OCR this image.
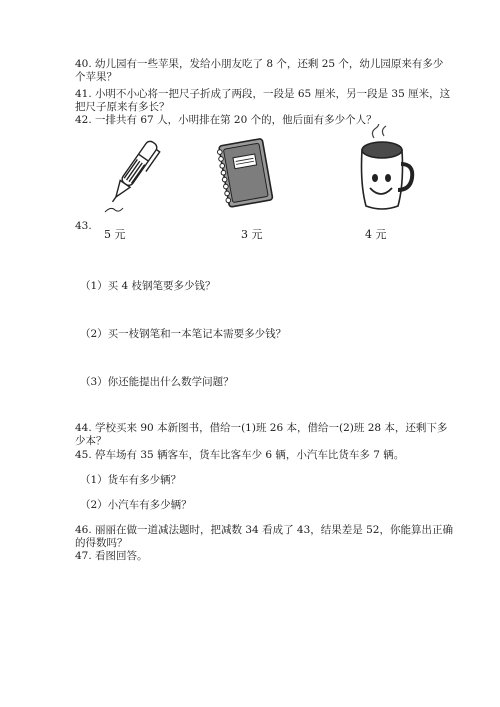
40. 幼儿园有一些苹果，发给小朋友吃了 8 个，还剩 25 个，幼儿园原来有多少
个苹果？
41. 小明不小心将一把尺子折成了两段，一段是 65 厘米，另一段是 35 厘米，这
把尺子原来有多长？
42. 一排共有 67 人，小明排在第 20 个的，他后面有多少个人？
43.
5 元	3 元	4 元
（1）买 4 枝钢笔要多少钱？
（2）买一枝钢笔和一本笔记本需要多少钱？
（3）你还能提出什么数学问题？
44. 学校买来 90 本新图书，借给一(1)班 26 本，借给一(2)班 28 本，还剩下多
少本？
45. 停车场有 35 辆客车，货车比客车少 6 辆，小汽车比货车多 7 辆。
（1）货车有多少辆？
（2）小汽车有多少辆？
46. 丽丽在做一道减法题时，把减数 34 看成了 43，结果差是 52，你能算出正确
的得数吗？
47. 看图回答。
